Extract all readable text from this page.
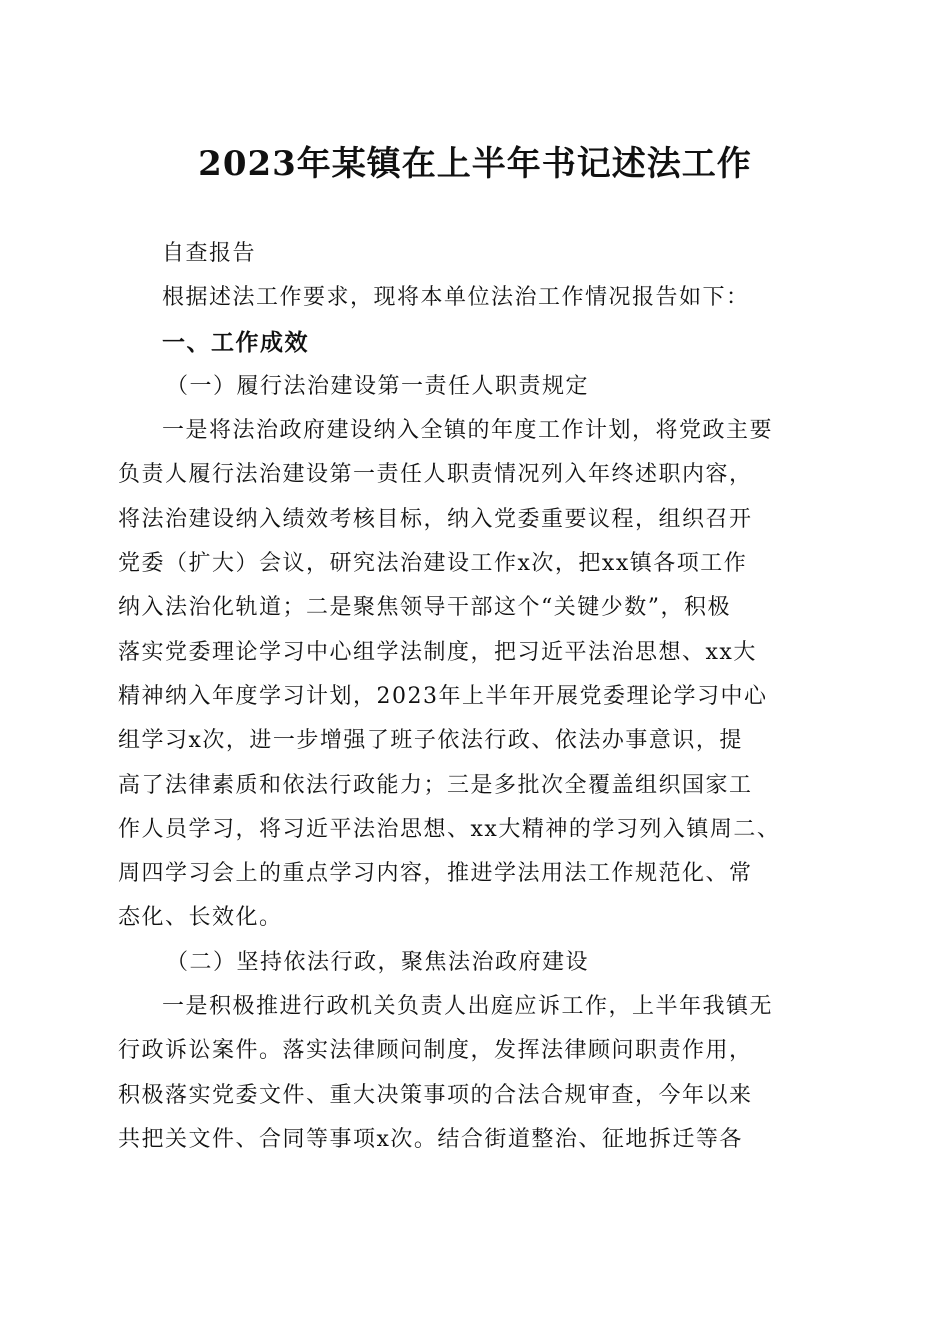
2023年某镇在上半年书记述法工作

自查报告

根据述法工作要求，现将本单位法治工作情况报告如下：

一、工作成效

（一）履行法治建设第一责任人职责规定

一是将法治政府建设纳入全镇的年度工作计划，将党政主要

负责人履行法治建设第一责任人职责情况列入年终述职内容，

将法治建设纳入绩效考核目标，纳入党委重要议程，组织召开

党委（扩大）会议，研究法治建设工作x次，把xx镇各项工作

纳入法治化轨道；二是聚焦领导干部这个“关键少数”，积极

落实党委理论学习中心组学法制度，把习近平法治思想、xx大

精神纳入年度学习计划，2023年上半年开展党委理论学习中心

组学习x次，进一步增强了班子依法行政、依法办事意识，提

高了法律素质和依法行政能力；三是多批次全覆盖组织国家工

作人员学习，将习近平法治思想、xx大精神的学习列入镇周二、

周四学习会上的重点学习内容，推进学法用法工作规范化、常

态化、长效化。

（二）坚持依法行政，聚焦法治政府建设

一是积极推进行政机关负责人出庭应诉工作，上半年我镇无

行政诉讼案件。落实法律顾问制度，发挥法律顾问职责作用，

积极落实党委文件、重大决策事项的合法合规审查，今年以来

共把关文件、合同等事项x次。结合街道整治、征地拆迁等各
